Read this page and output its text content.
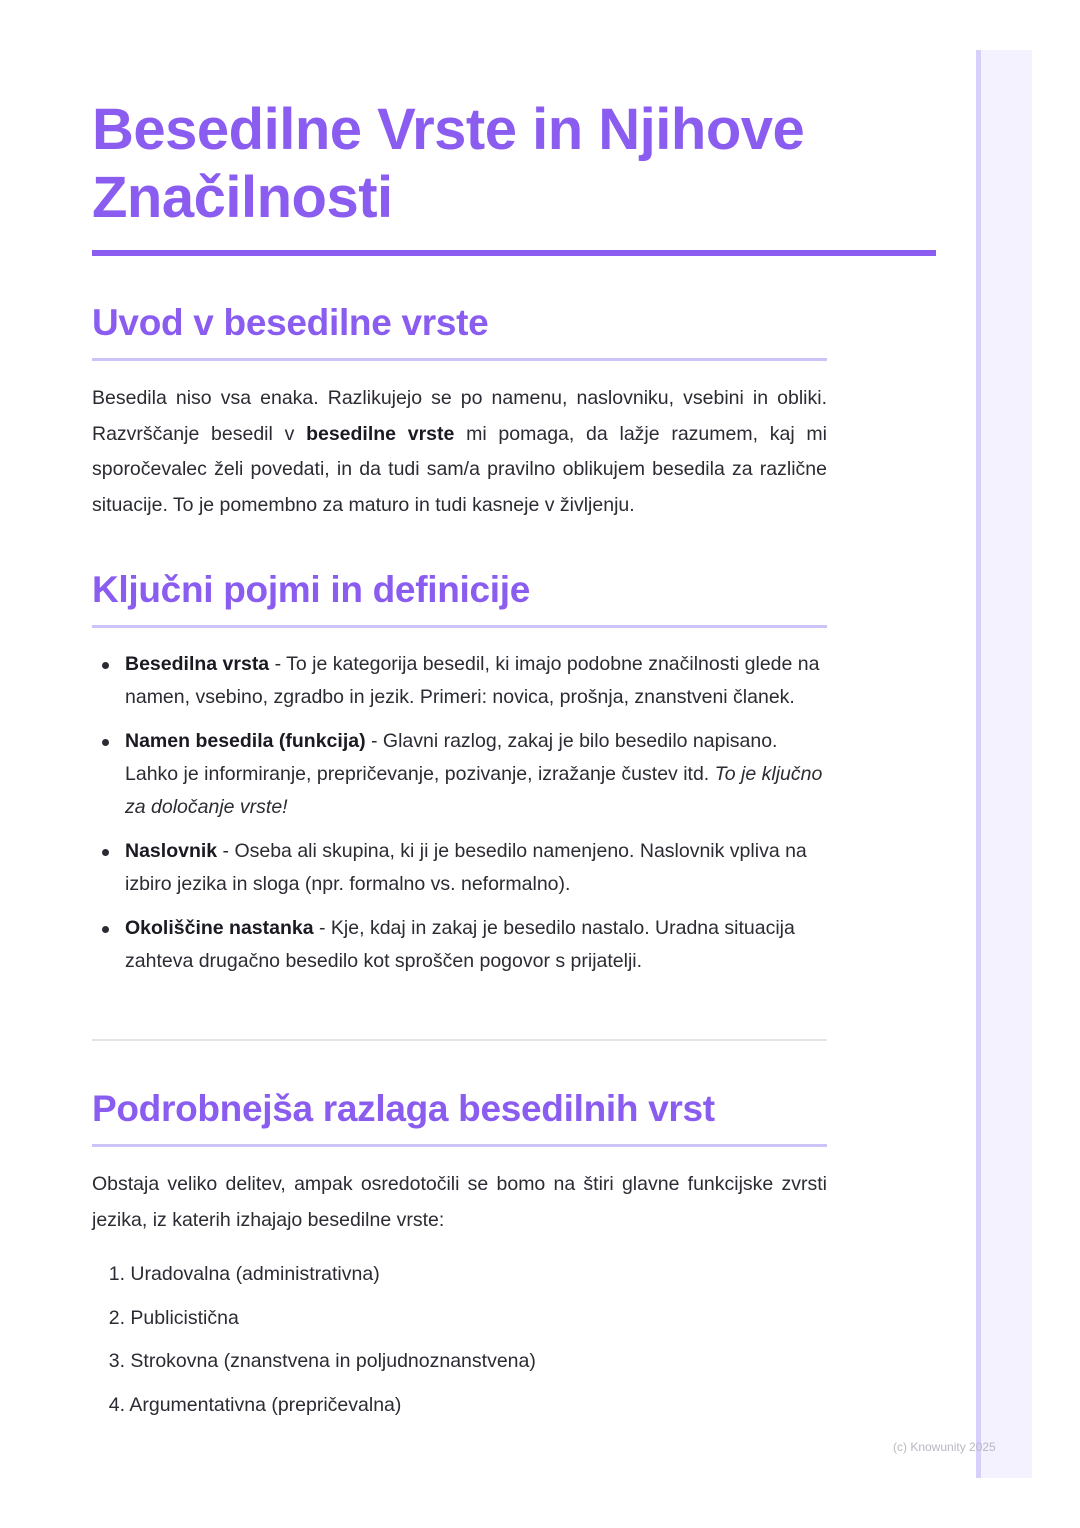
Besedilne Vrste in Njihove Značilnosti
Uvod v besedilne vrste

Besedila niso vsa enaka. Razlikujejo se po namenu, naslovniku, vsebini in obliki. Razvrščanje besedil v besedilne vrste mi pomaga, da lažje razumem, kaj mi sporočevalec želi povedati, in da tudi sam/a pravilno oblikujem besedila za različne situacije. To je pomembno za maturo in tudi kasneje v življenju.

Ključni pojmi in definicije
Besedilna vrsta - To je kategorija besedil, ki imajo podobne značilnosti glede na namen, vsebino, zgradbo in jezik. Primeri: novica, prošnja, znanstveni članek.
Namen besedila (funkcija) - Glavni razlog, zakaj je bilo besedilo napisano. Lahko je informiranje, prepričevanje, pozivanje, izražanje čustev itd. To je ključno za določanje vrste!
Naslovnik - Oseba ali skupina, ki ji je besedilo namenjeno. Naslovnik vpliva na izbiro jezika in sloga (npr. formalno vs. neformalno).
Okoliščine nastanka - Kje, kdaj in zakaj je besedilo nastalo. Uradna situacija zahteva drugačno besedilo kot sproščen pogovor s prijatelji.
Podrobnejša razlaga besedilnih vrst

Obstaja veliko delitev, ampak osredotočili se bomo na štiri glavne funkcijske zvrsti jezika, iz katerih izhajajo besedilne vrste:

1. Uradovalna (administrativna)
2. Publicistična
3. Strokovna (znanstvena in poljudnoznanstvena)
4. Argumentativna (prepričevalna)
(c) Knowunity 2025
